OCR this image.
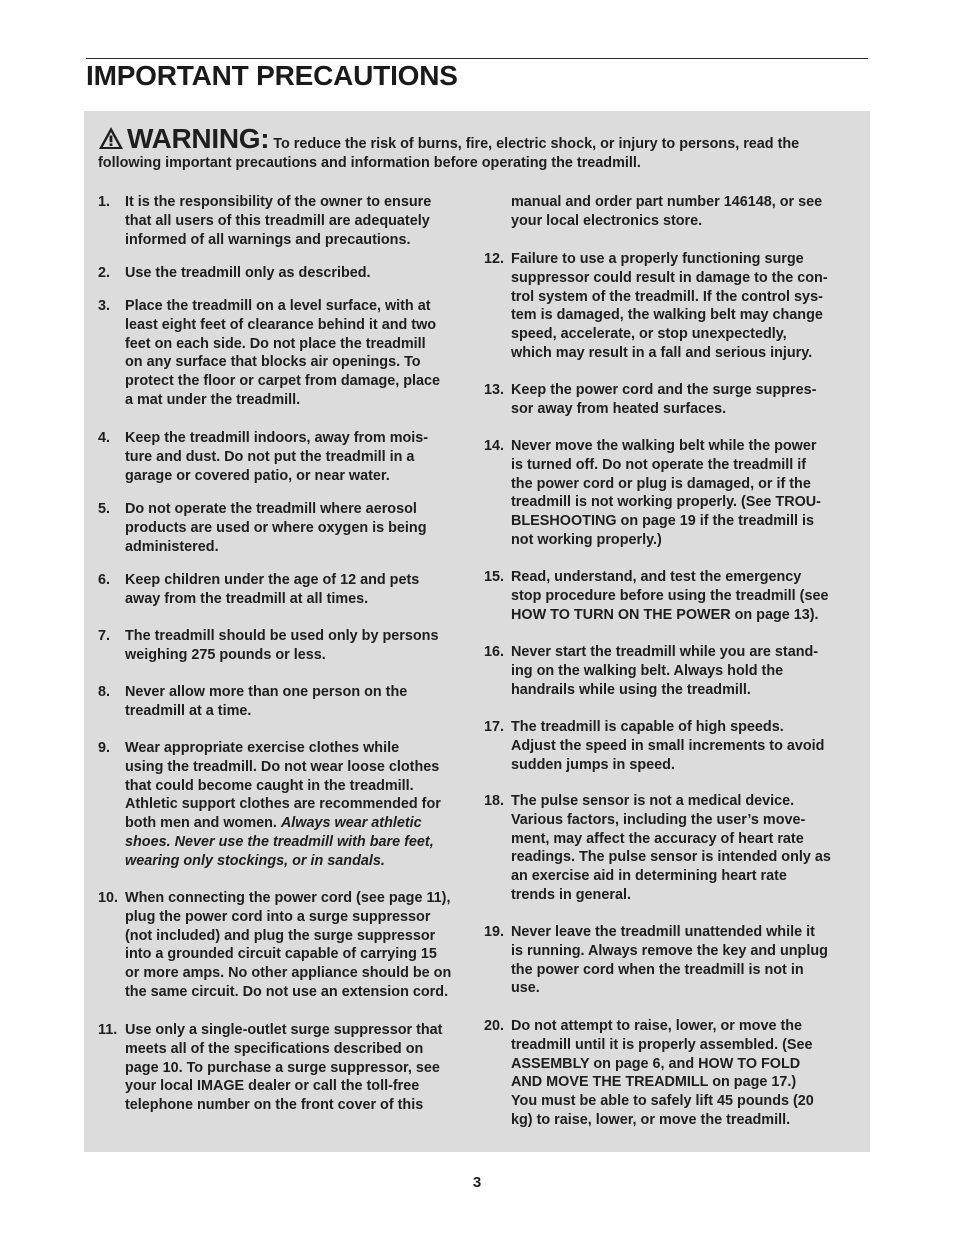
IMPORTANT PRECAUTIONS
WARNING: To reduce the risk of burns, fire, electric shock, or injury to persons, read the following important precautions and information before operating the treadmill.
1. It is the responsibility of the owner to ensure
that all users of this treadmill are adequately
informed of all warnings and precautions.
2. Use the treadmill only as described.
3. Place the treadmill on a level surface, with at
least eight feet of clearance behind it and two
feet on each side. Do not place the treadmill
on any surface that blocks air openings. To
protect the floor or carpet from damage, place
a mat under the treadmill.
4. Keep the treadmill indoors, away from mois-
ture and dust. Do not put the treadmill in a
garage or covered patio, or near water.
5. Do not operate the treadmill where aerosol
products are used or where oxygen is being
administered.
6. Keep children under the age of 12 and pets
away from the treadmill at all times.
7. The treadmill should be used only by persons
weighing 275 pounds or less.
8. Never allow more than one person on the
treadmill at a time.
9. Wear appropriate exercise clothes while
using the treadmill. Do not wear loose clothes
that could become caught in the treadmill.
Athletic support clothes are recommended for
both men and women. Always wear athletic
shoes. Never use the treadmill with bare feet,
wearing only stockings, or in sandals.
10. When connecting the power cord (see page 11),
plug the power cord into a surge suppressor
(not included) and plug the surge suppressor
into a grounded circuit capable of carrying 15
or more amps. No other appliance should be on
the same circuit. Do not use an extension cord.
11. Use only a single-outlet surge suppressor that
meets all of the specifications described on
page 10. To purchase a surge suppressor, see
your local IMAGE dealer or call the toll-free
telephone number on the front cover of this
manual and order part number 146148, or see
your local electronics store.
12. Failure to use a properly functioning surge
suppressor could result in damage to the con-
trol system of the treadmill. If the control sys-
tem is damaged, the walking belt may change
speed, accelerate, or stop unexpectedly,
which may result in a fall and serious injury.
13. Keep the power cord and the surge suppres-
sor away from heated surfaces.
14. Never move the walking belt while the power
is turned off. Do not operate the treadmill if
the power cord or plug is damaged, or if the
treadmill is not working properly. (See TROU-
BLESHOOTING on page 19 if the treadmill is
not working properly.)
15. Read, understand, and test the emergency
stop procedure before using the treadmill (see
HOW TO TURN ON THE POWER on page 13).
16. Never start the treadmill while you are stand-
ing on the walking belt. Always hold the
handrails while using the treadmill.
17. The treadmill is capable of high speeds.
Adjust the speed in small increments to avoid
sudden jumps in speed.
18. The pulse sensor is not a medical device.
Various factors, including the user’s move-
ment, may affect the accuracy of heart rate
readings. The pulse sensor is intended only as
an exercise aid in determining heart rate
trends in general.
19. Never leave the treadmill unattended while it
is running. Always remove the key and unplug
the power cord when the treadmill is not in
use.
20. Do not attempt to raise, lower, or move the
treadmill until it is properly assembled. (See
ASSEMBLY on page 6, and HOW TO FOLD
AND MOVE THE TREADMILL on page 17.)
You must be able to safely lift 45 pounds (20
kg) to raise, lower, or move the treadmill.
3
